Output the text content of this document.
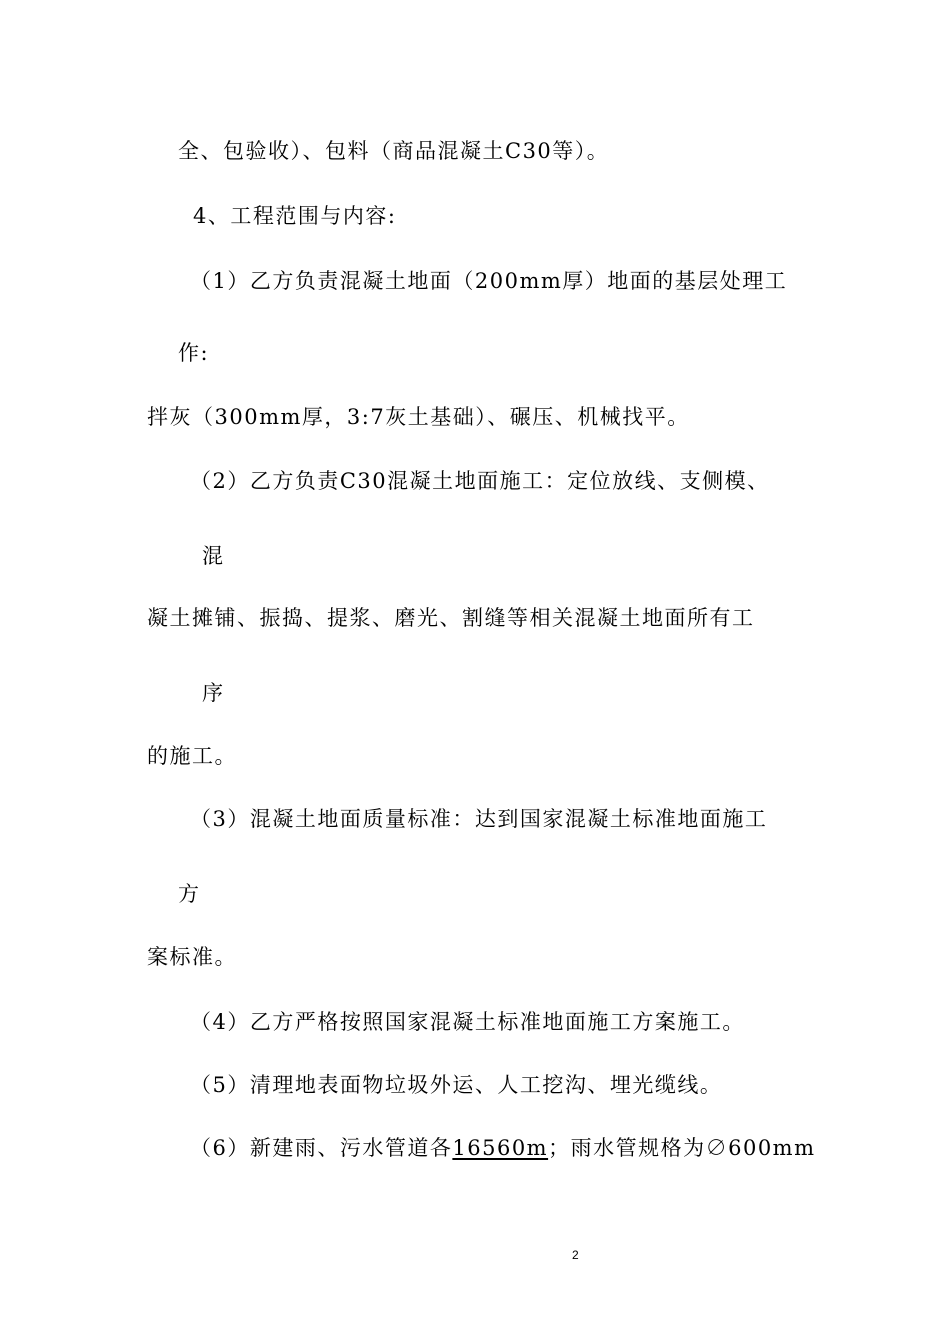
全、包验收）、包料（商品混凝土C30等）。
4、工程范围与内容:
（1）乙方负责混凝土地面（200mm厚）地面的基层处理工
作:
拌灰（300mm厚，3:7灰土基础）、碾压、机械找平。
（2）乙方负责C30混凝土地面施工：定位放线、支侧模、
混
凝土摊铺、振捣、提浆、磨光、割缝等相关混凝土地面所有工
序
的施工。
（3）混凝土地面质量标准：达到国家混凝土标准地面施工
方
案标准。
（4）乙方严格按照国家混凝土标准地面施工方案施工。
（5）清理地表面物垃圾外运、人工挖沟、埋光缆线。
（6）新建雨、污水管道各16560m；雨水管规格为∅600mm
2
